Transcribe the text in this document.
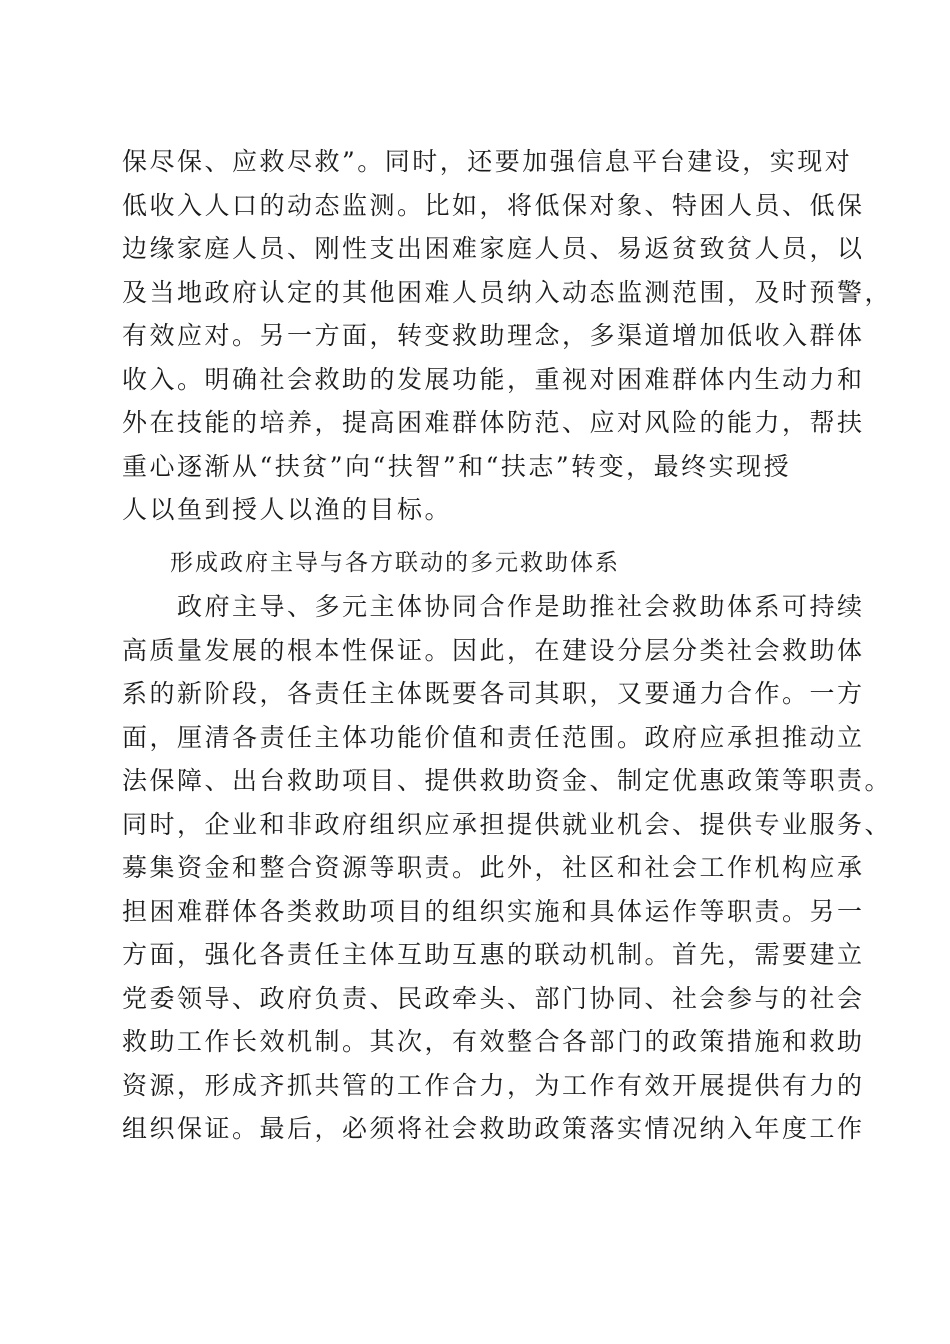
保尽保、应救尽救”。同时，还要加强信息平台建设，实现对
低收入人口的动态监测。比如，将低保对象、特困人员、低保
边缘家庭人员、刚性支出困难家庭人员、易返贫致贫人员，以
及当地政府认定的其他困难人员纳入动态监测范围，及时预警，
有效应对。另一方面，转变救助理念，多渠道增加低收入群体
收入。明确社会救助的发展功能，重视对困难群体内生动力和
外在技能的培养，提高困难群体防范、应对风险的能力，帮扶
重心逐渐从“扶贫”向“扶智”和“扶志”转变，最终实现授
人以鱼到授人以渔的目标。
形成政府主导与各方联动的多元救助体系
　　政府主导、多元主体协同合作是助推社会救助体系可持续
高质量发展的根本性保证。因此，在建设分层分类社会救助体
系的新阶段，各责任主体既要各司其职，又要通力合作。一方
面，厘清各责任主体功能价值和责任范围。政府应承担推动立
法保障、出台救助项目、提供救助资金、制定优惠政策等职责。
同时，企业和非政府组织应承担提供就业机会、提供专业服务、
募集资金和整合资源等职责。此外，社区和社会工作机构应承
担困难群体各类救助项目的组织实施和具体运作等职责。另一
方面，强化各责任主体互助互惠的联动机制。首先，需要建立
党委领导、政府负责、民政牵头、部门协同、社会参与的社会
救助工作长效机制。其次，有效整合各部门的政策措施和救助
资源，形成齐抓共管的工作合力，为工作有效开展提供有力的
组织保证。最后，必须将社会救助政策落实情况纳入年度工作
